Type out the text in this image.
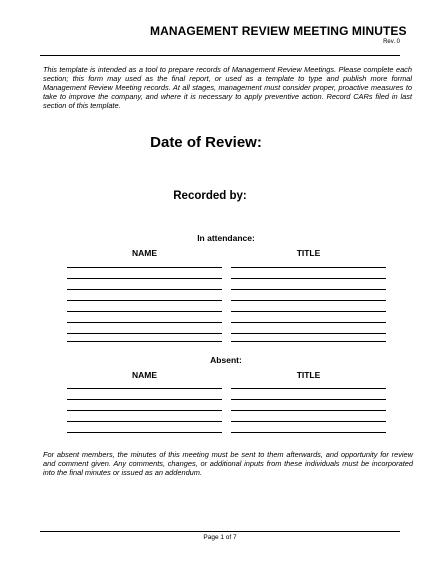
MANAGEMENT REVIEW MEETING MINUTES
Rev. 0
This template is intended as a tool to prepare records of Management Review Meetings. Please complete each section; this form may used as the final report, or used as a template to type and publish more formal Management Review Meeting records. At all stages, management must consider proper, proactive measures to take to improve the company, and where it is necessary to apply preventive action. Record CARs filed in last section of this template.
Date of Review:
Recorded by:
In attendance:
NAME	TITLE
Absent:
NAME	TITLE
For absent members, the minutes of this meeting must be sent to them afterwards, and opportunity for review and comment given. Any comments, changes, or additional inputs from these individuals must be incorporated into the final minutes or issued as an addendum.
Page 1 of 7
